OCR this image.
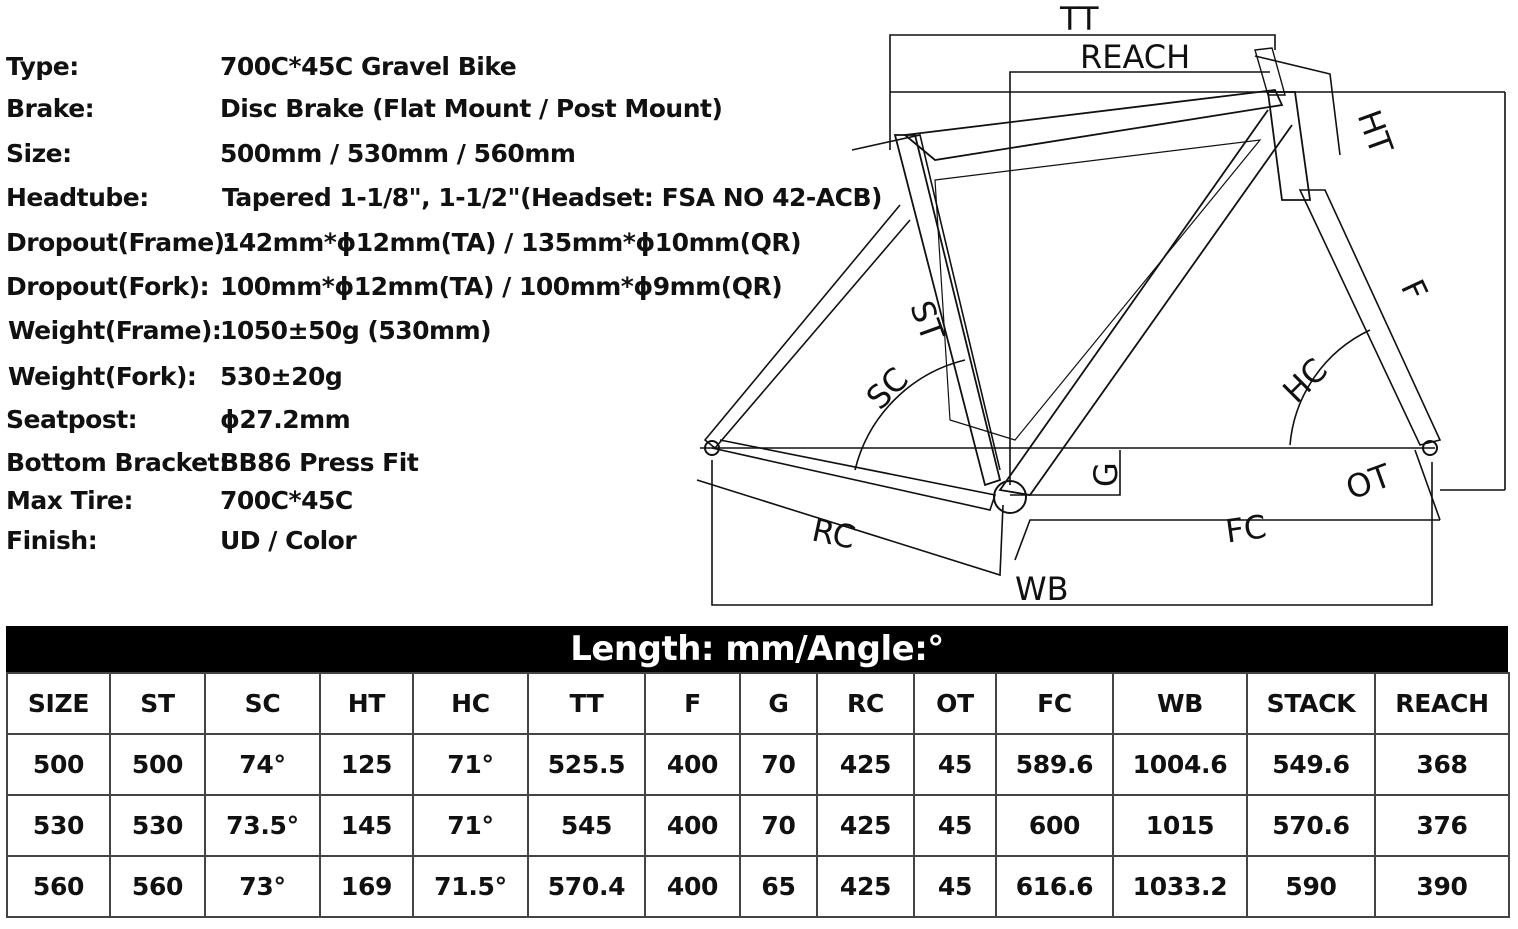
Type:	700C*45C Gravel Bike
Brake:	Disc Brake (Flat Mount / Post Mount)
Size:	500mm / 530mm / 560mm
Headtube:	Tapered 1-1/8", 1-1/2"(Headset: FSA NO 42-ACB)
Dropout(Frame):
142mm*ϕ12mm(TA) / 135mm*ϕ10mm(QR)
Dropout(Fork): 100mm*ϕ12mm(TA) / 100mm*ϕ9mm(QR)
Weight(Frame):
1050±50g (530mm)
Weight(Fork): 530±20g
Seatpost:	ϕ27.2mm
Bottom Bracket:
BB86 Press Fit
Max Tire:	700C*45C
Finish:	UD / Color
TT
REACH
HT
ST
SC	HC
F
G	OT
RC	FC
WB
Length: mm/Angle:°
SIZE	ST	SC	HT	HC	TT	F	G	RC	OT	FC	WB	STACK	REACH
500	500	74°	125	71°	525.5	400	70	425	45	589.6	1004.6	549.6	368
530	530	73.5°	145	71°	545	400	70	425	45	600	1015	570.6	376
560	560	73°	169	71.5°	570.4	400	65	425	45	616.6	1033.2	590	390
